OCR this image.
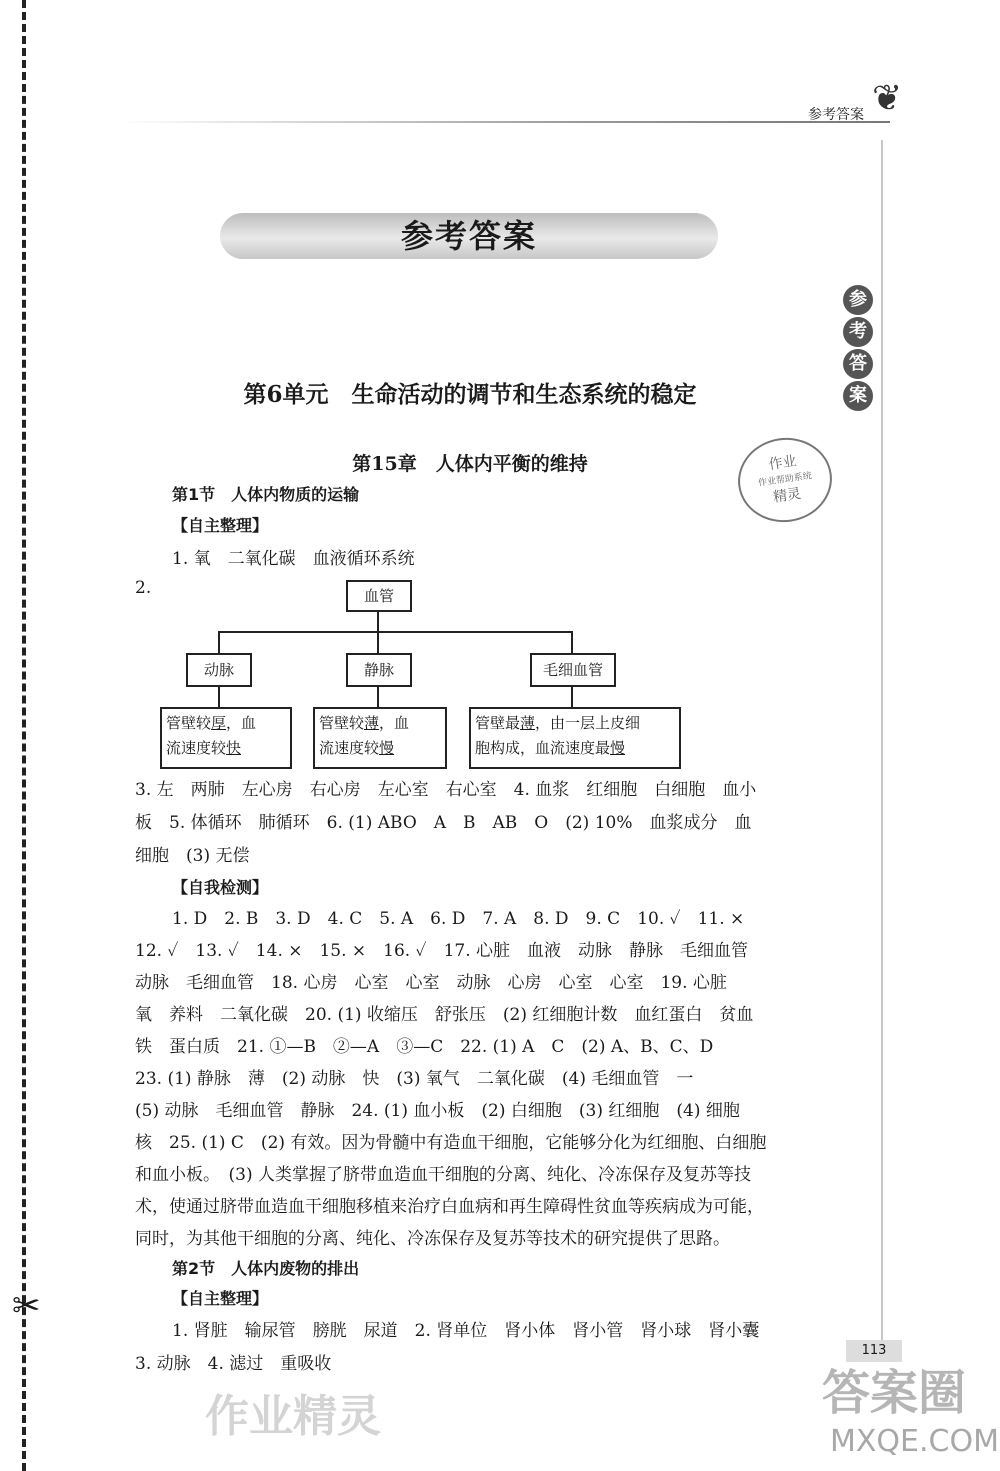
✂
参考答案 ❦
参
考
答
案
参考答案
第6单元　生命活动的调节和生态系统的稳定
第15章　人体内平衡的维持	作业
作业帮助系统
精灵
第1节　人体内物质的运输
【自主整理】
1. 氧　二氧化碳　血液循环系统
2.	血管
动脉	静脉	毛细血管
管壁较厚，血
流速度较快
管壁较薄，血
流速度较慢
管壁最薄，由一层上皮细
胞构成，血流速度最慢
3. 左　两肺　左心房　右心房　左心室　右心室　4. 血浆　红细胞　白细胞　血小
板　5. 体循环　肺循环　6. (1) ABO　A　B　AB　O　(2) 10%　血浆成分　血
细胞　(3) 无偿
【自我检测】
1. D　2. B　3. D　4. C　5. A　6. D　7. A　8. D　9. C　10. ✓　11. ×
12. ✓　13. ✓　14. ×　15. ×　16. ✓　17. 心脏　血液　动脉　静脉　毛细血管
动脉　毛细血管　18. 心房　心室　心室　动脉　心房　心室　心室　19. 心脏
氧　养料　二氧化碳　20. (1) 收缩压　舒张压　(2) 红细胞计数　血红蛋白　贫血
铁　蛋白质　21. ①—B　②—A　③—C　22. (1) A　C　(2) A、B、C、D
23. (1) 静脉　薄　(2) 动脉　快　(3) 氧气　二氧化碳　(4) 毛细血管　一
(5) 动脉　毛细血管　静脉　24. (1) 血小板　(2) 白细胞　(3) 红细胞　(4) 细胞
核　25. (1) C　(2) 有效。因为骨髓中有造血干细胞，它能够分化为红细胞、白细胞
和血小板。　(3) 人类掌握了脐带血造血干细胞的分离、纯化、冷冻保存及复苏等技
术，使通过脐带血造血干细胞移植来治疗白血病和再生障碍性贫血等疾病成为可能，
同时，为其他干细胞的分离、纯化、冷冻保存及复苏等技术的研究提供了思路。
第2节　人体内废物的排出
【自主整理】
1. 肾脏　输尿管　膀胱　尿道　2. 肾单位　肾小体　肾小管　肾小球　肾小囊
3. 动脉　4. 滤过　重吸收
113
作业精灵	答案圈
MXQE.COM
